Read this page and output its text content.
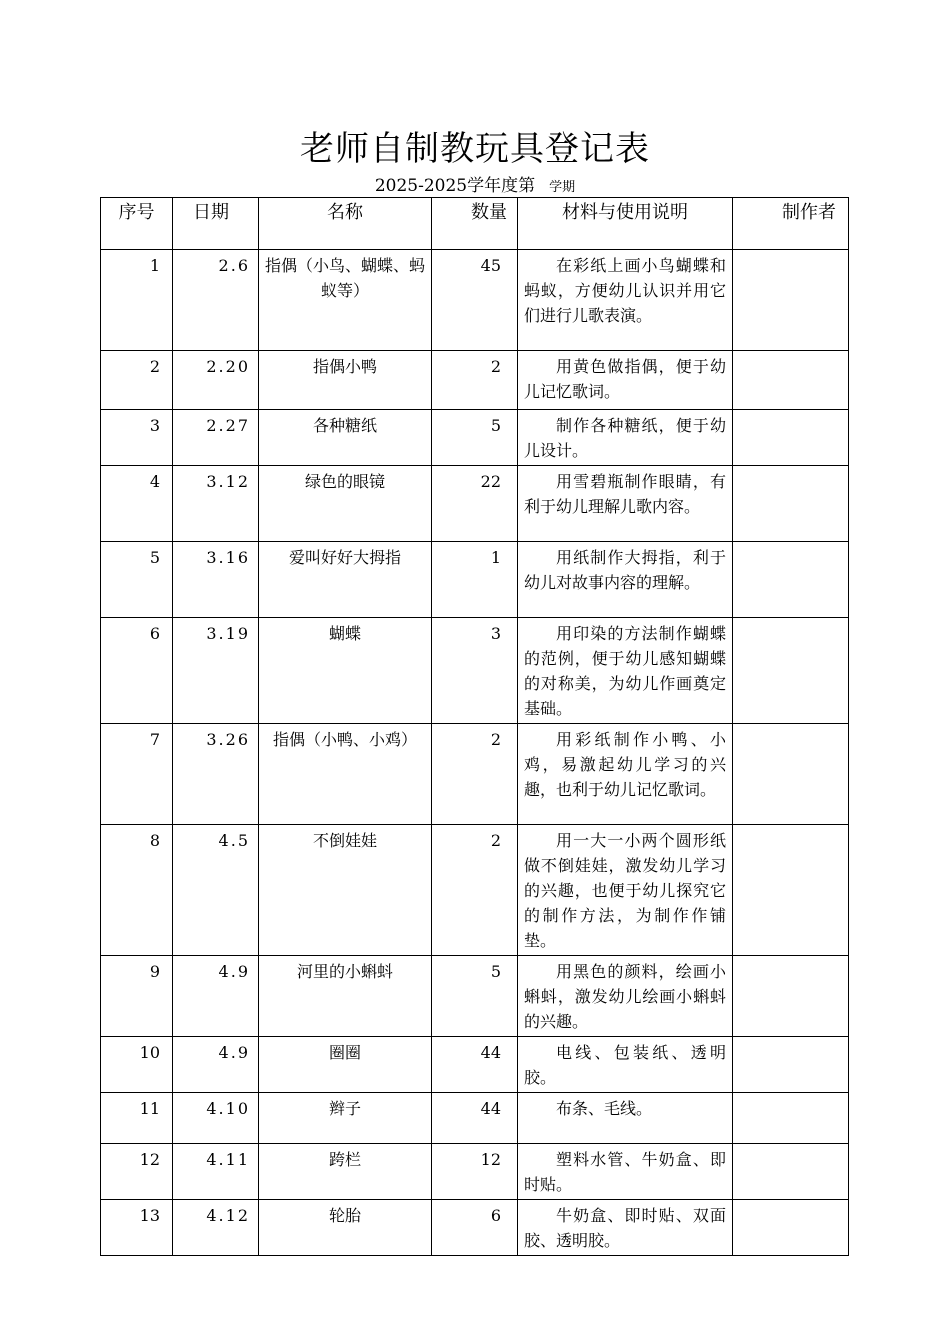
老师自制教玩具登记表
2025-2025学年度第 学期
序号	日期	名称	数量	材料与使用说明	制作者
1	2.6	指偶（小鸟、蝴蝶、蚂蚁等）	45	在彩纸上画小鸟蝴蝶和蚂蚁，方便幼儿认识并用它们进行儿歌表演。	
2	2.20	指偶小鸭	2	用黄色做指偶，便于幼儿记忆歌词。	
3	2.27	各种糖纸	5	制作各种糖纸，便于幼儿设计。	
4	3.12	绿色的眼镜	22	用雪碧瓶制作眼睛，有利于幼儿理解儿歌内容。	
5	3.16	爱叫好好大拇指	1	用纸制作大拇指，利于幼儿对故事内容的理解。	
6	3.19	蝴蝶	3	用印染的方法制作蝴蝶的范例，便于幼儿感知蝴蝶的对称美，为幼儿作画奠定基础。	
7	3.26	指偶（小鸭、小鸡）	2	用彩纸制作小鸭、小鸡，易激起幼儿学习的兴趣，也利于幼儿记忆歌词。	
8	4.5	不倒娃娃	2	用一大一小两个圆形纸做不倒娃娃，激发幼儿学习的兴趣，也便于幼儿探究它的制作方法，为制作作铺垫。	
9	4.9	河里的小蝌蚪	5	用黑色的颜料，绘画小蝌蚪，激发幼儿绘画小蝌蚪的兴趣。	
10	4.9	圈圈	44	电线、包装纸、透明胶。	
11	4.10	辫子	44	布条、毛线。	
12	4.11	跨栏	12	塑料水管、牛奶盒、即时贴。	
13	4.12	轮胎	6	牛奶盒、即时贴、双面胶、透明胶。	
